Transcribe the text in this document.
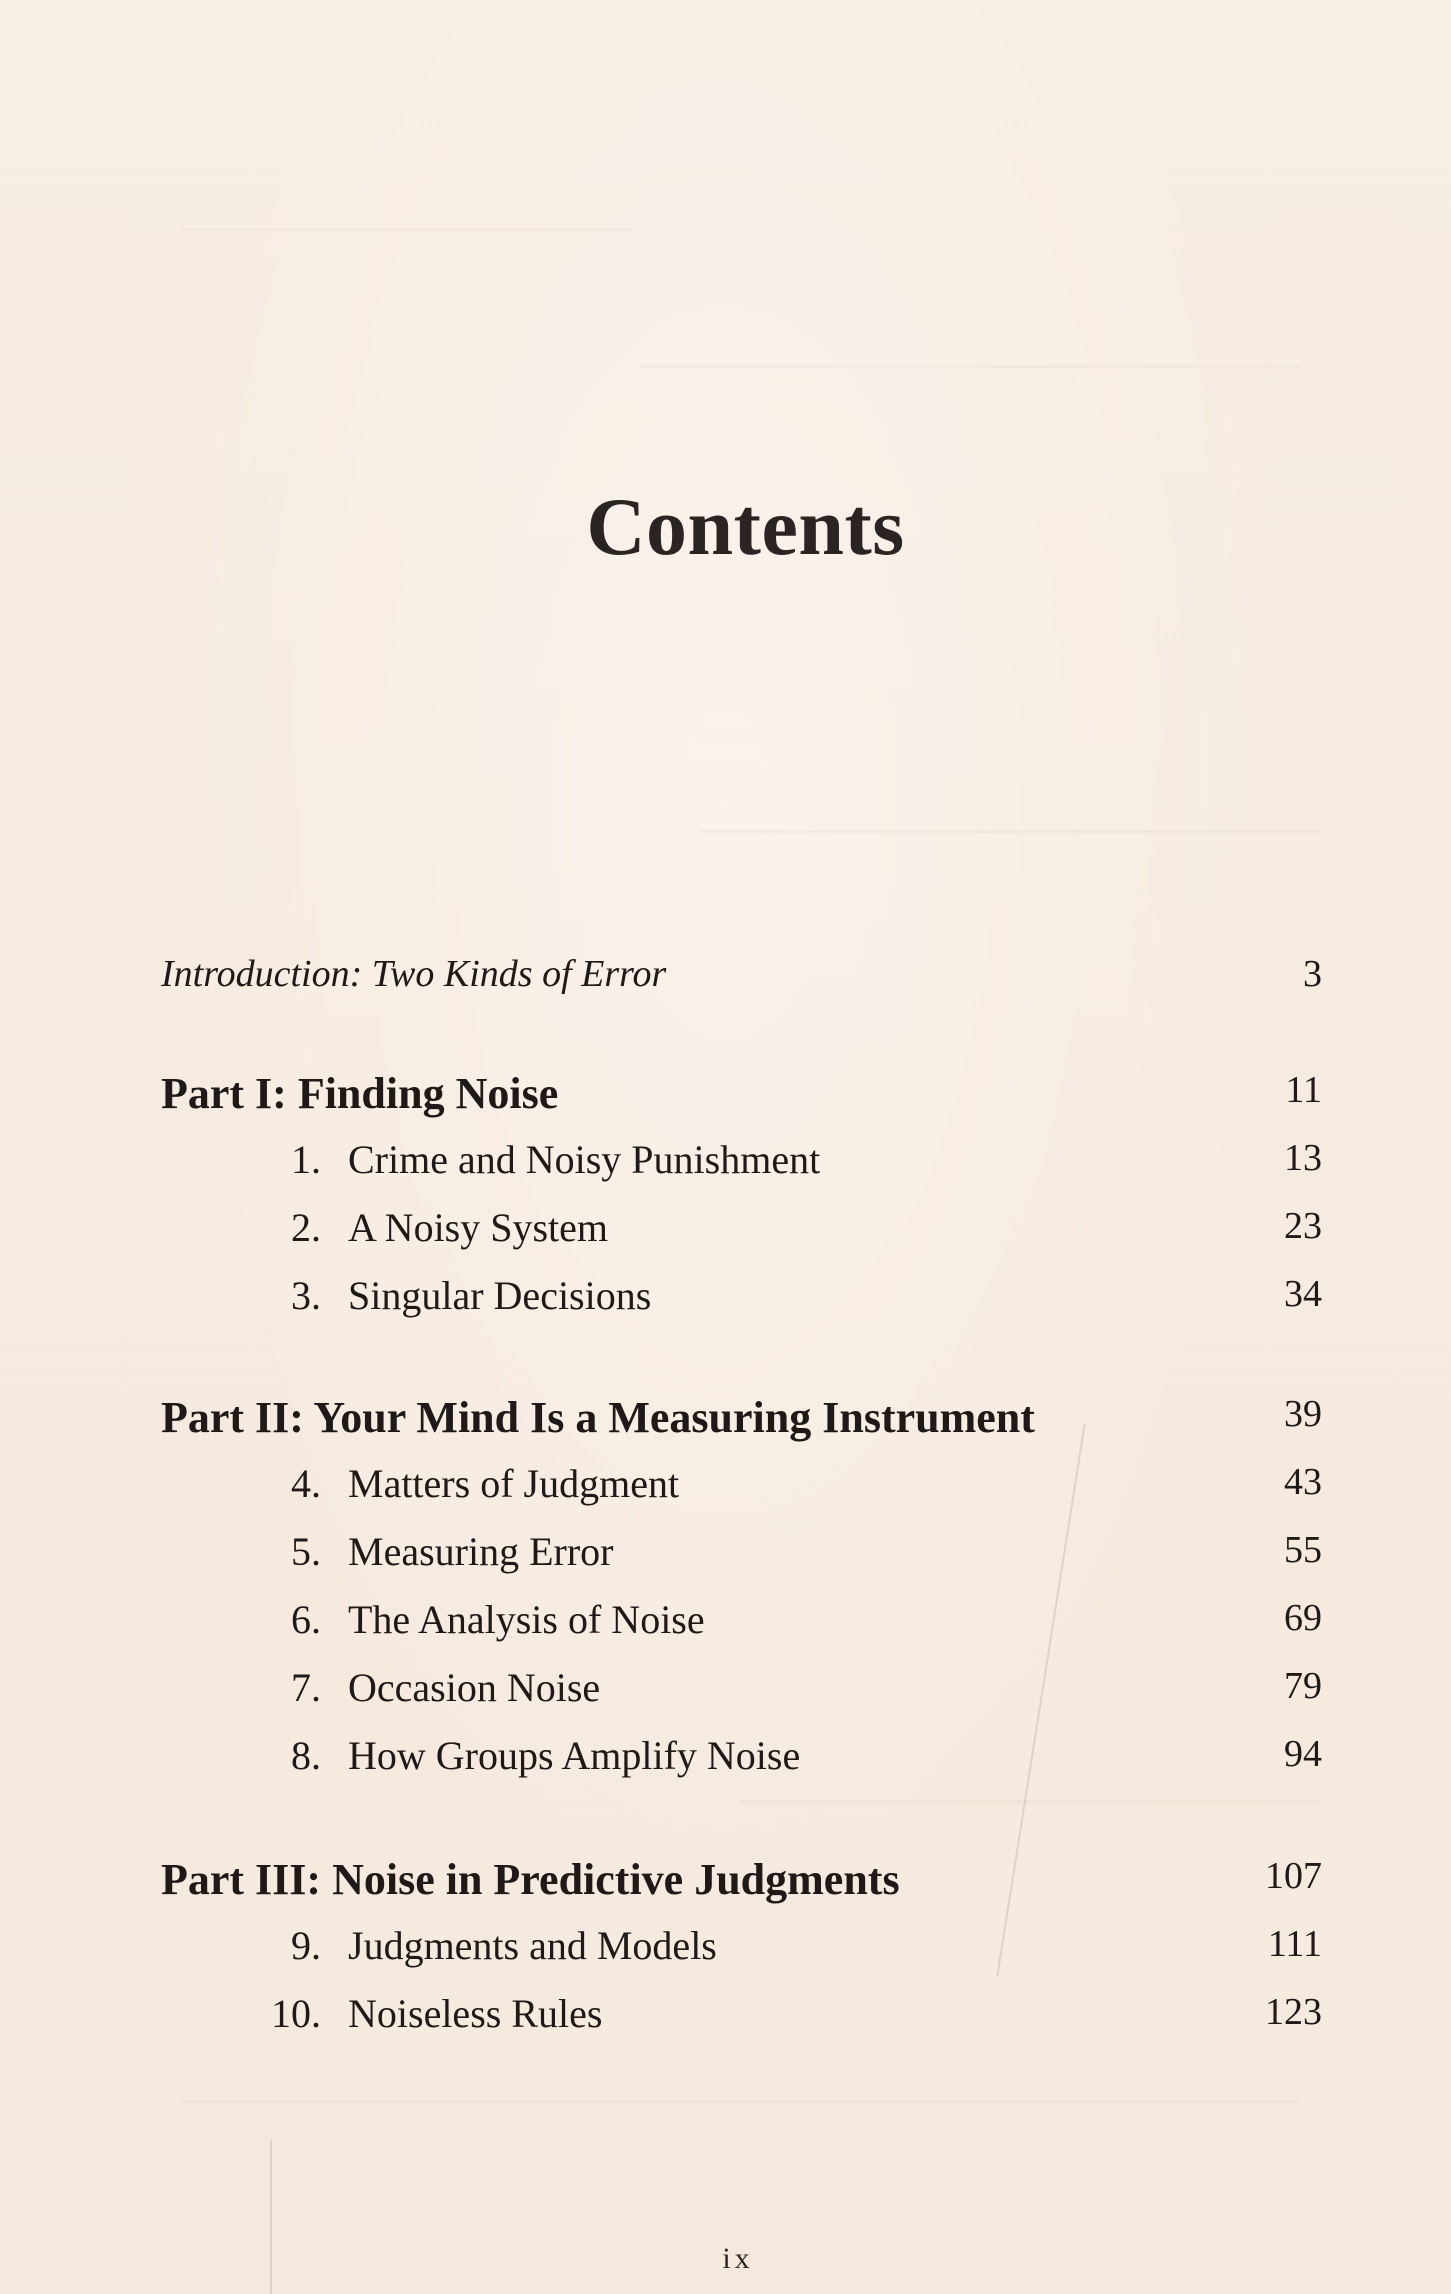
Contents
Introduction: Two Kinds of Error	3
Part I: Finding Noise	11
1. Crime and Noisy Punishment	13
2. A Noisy System	23
3. Singular Decisions	34
Part II: Your Mind Is a Measuring Instrument	39
4. Matters of Judgment	43
5. Measuring Error	55
6. The Analysis of Noise	69
7. Occasion Noise	79
8. How Groups Amplify Noise	94
Part III: Noise in Predictive Judgments	107
9. Judgments and Models	111
10. Noiseless Rules	123
ix
